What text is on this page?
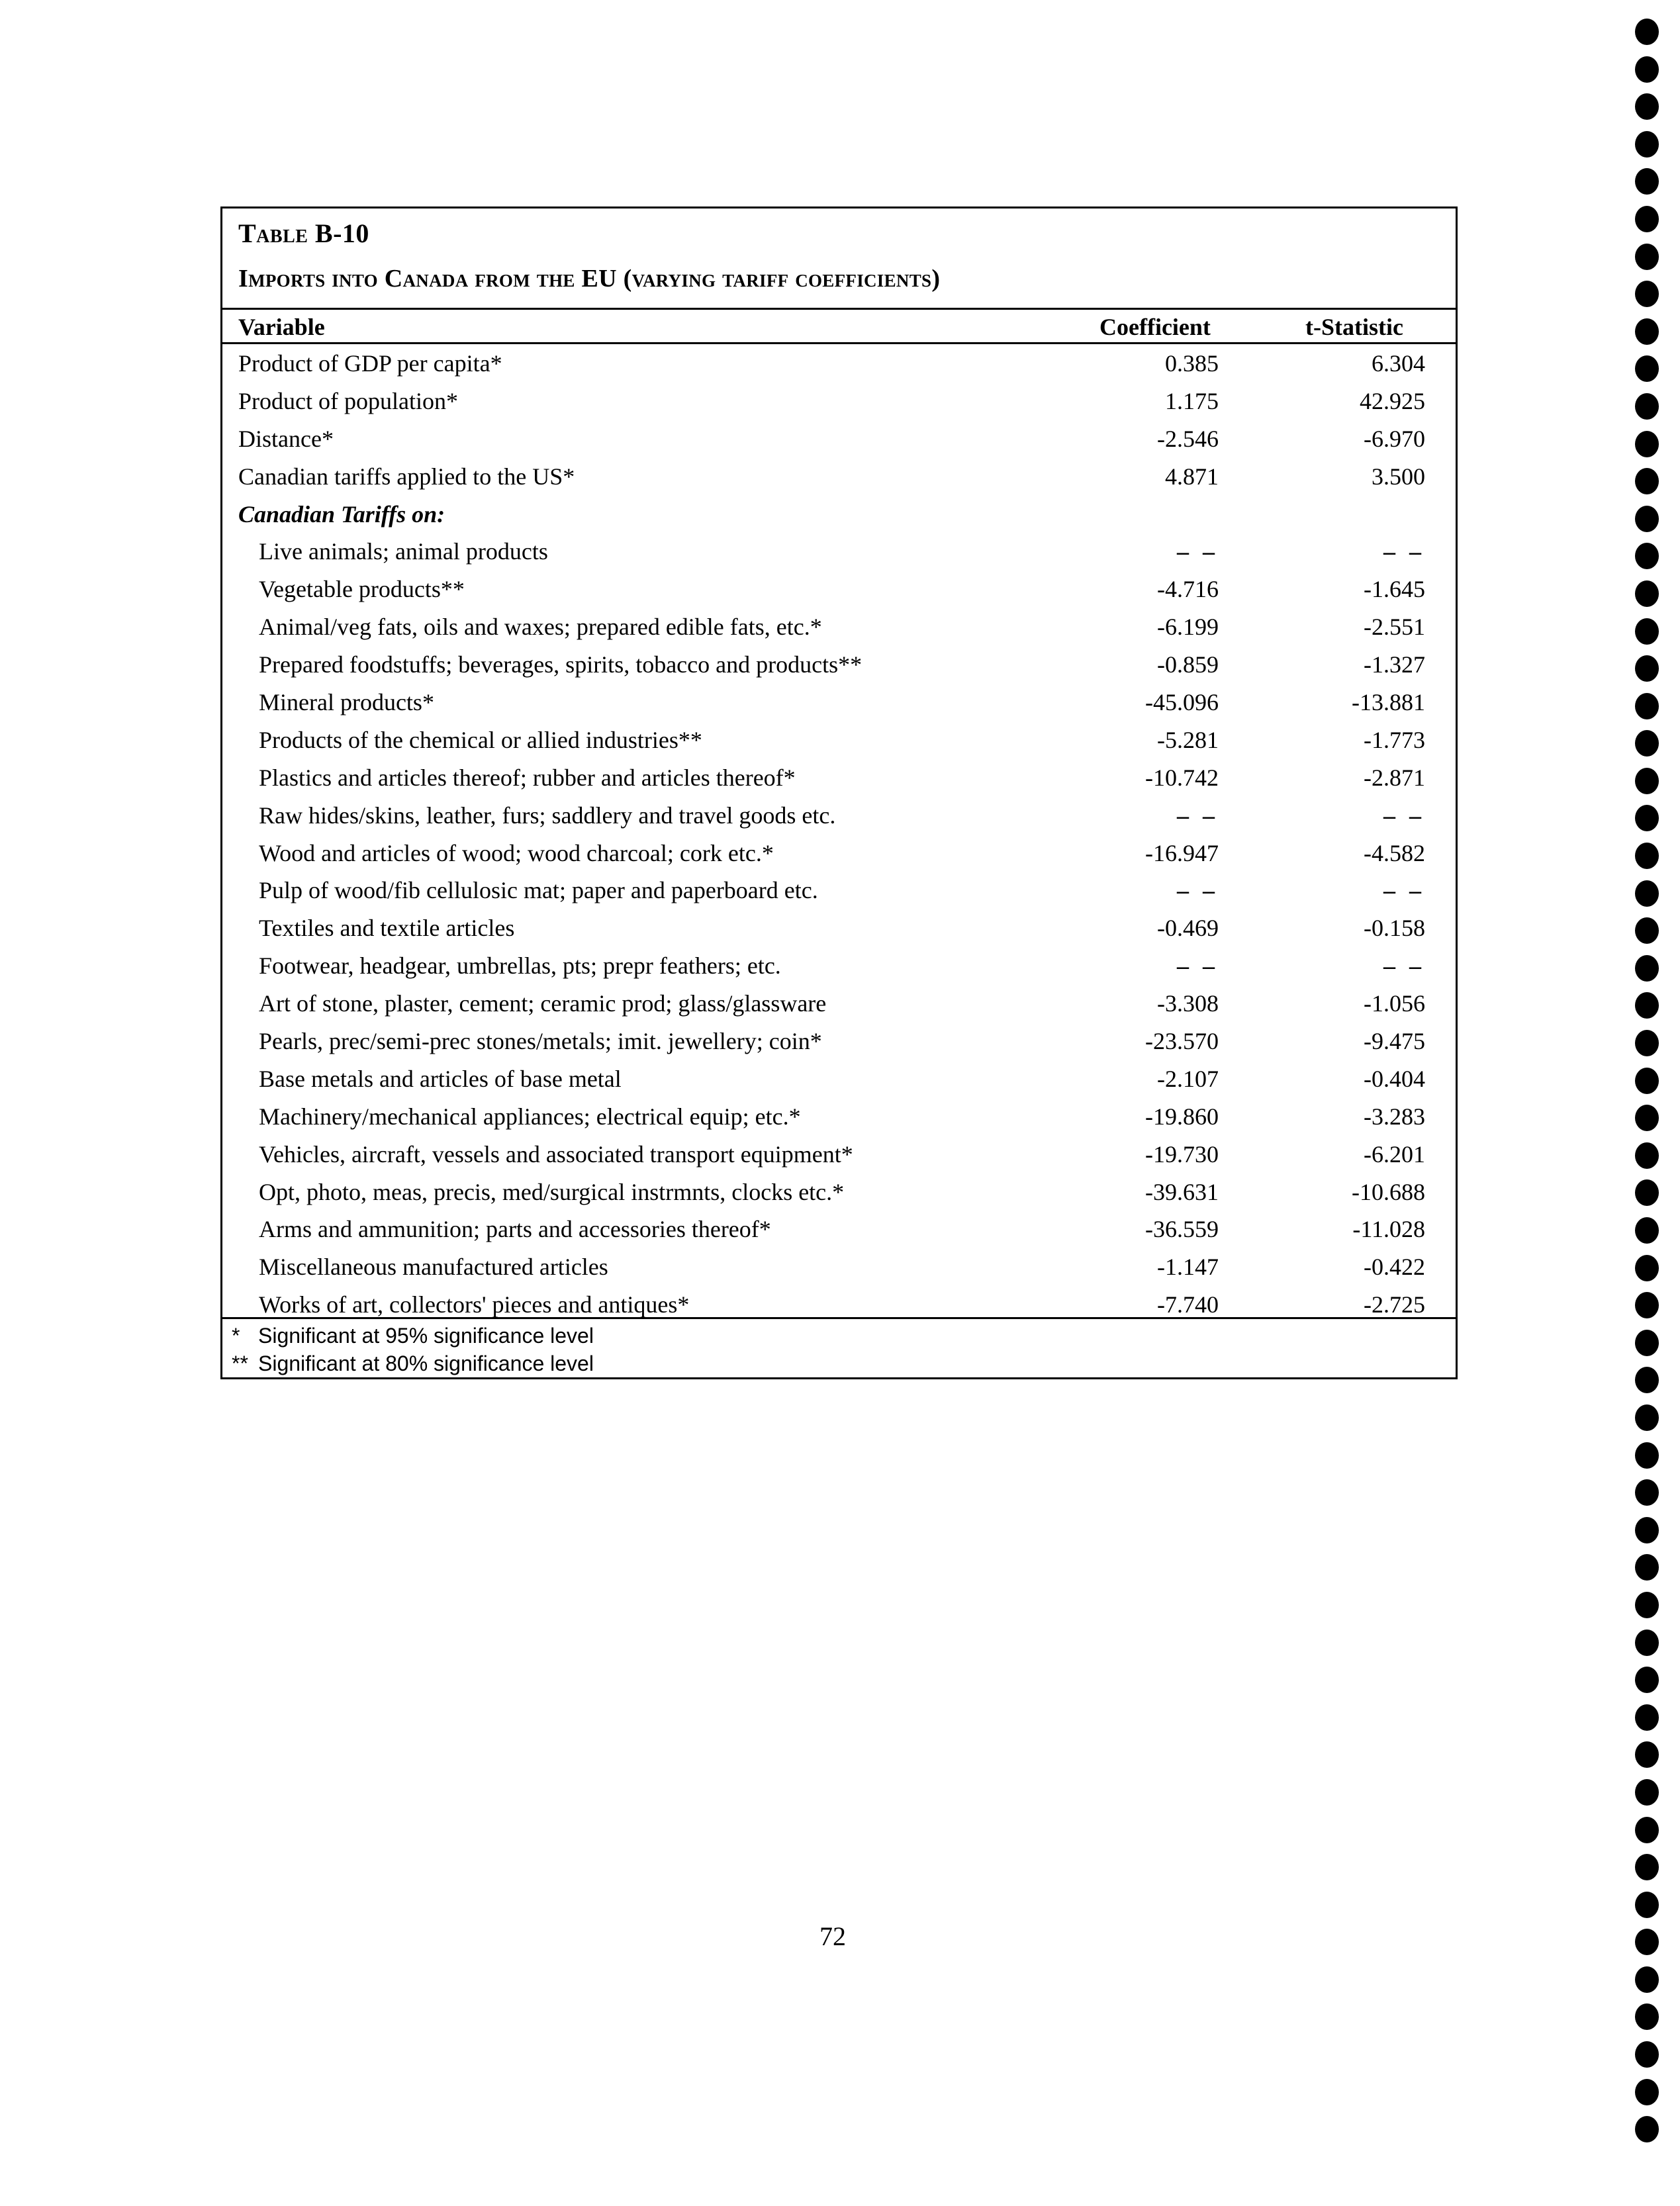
Table B-10
Imports into Canada from the EU (varying tariff coefficients)
Variable	Coefficient	t-Statistic
Product of GDP per capita*	0.385	6.304
Product of population*	1.175	42.925
Distance*	-2.546	-6.970
Canadian tariffs applied to the US*	4.871	3.500
Canadian Tariffs on:
Live animals; animal products	– –	– –
Vegetable products**	-4.716	-1.645
Animal/veg fats, oils and waxes; prepared edible fats, etc.*	-6.199	-2.551
Prepared foodstuffs; beverages, spirits, tobacco and products**	-0.859	-1.327
Mineral products*	-45.096	-13.881
Products of the chemical or allied industries**	-5.281	-1.773
Plastics and articles thereof; rubber and articles thereof*	-10.742	-2.871
Raw hides/skins, leather, furs; saddlery and travel goods etc.	– –	– –
Wood and articles of wood; wood charcoal; cork etc.*	-16.947	-4.582
Pulp of wood/fib cellulosic mat; paper and paperboard etc.	– –	– –
Textiles and textile articles	-0.469	-0.158
Footwear, headgear, umbrellas, pts; prepr feathers; etc.	– –	– –
Art of stone, plaster, cement; ceramic prod; glass/glassware	-3.308	-1.056
Pearls, prec/semi-prec stones/metals; imit. jewellery; coin*	-23.570	-9.475
Base metals and articles of base metal	-2.107	-0.404
Machinery/mechanical appliances; electrical equip; etc.*	-19.860	-3.283
Vehicles, aircraft, vessels and associated transport equipment*	-19.730	-6.201
Opt, photo, meas, precis, med/surgical instrmnts, clocks etc.*	-39.631	-10.688
Arms and ammunition; parts and accessories thereof*	-36.559	-11.028
Miscellaneous manufactured articles	-1.147	-0.422
Works of art, collectors' pieces and antiques*	-7.740	-2.725
* Significant at 95% significance level
** Significant at 80% significance level
72
